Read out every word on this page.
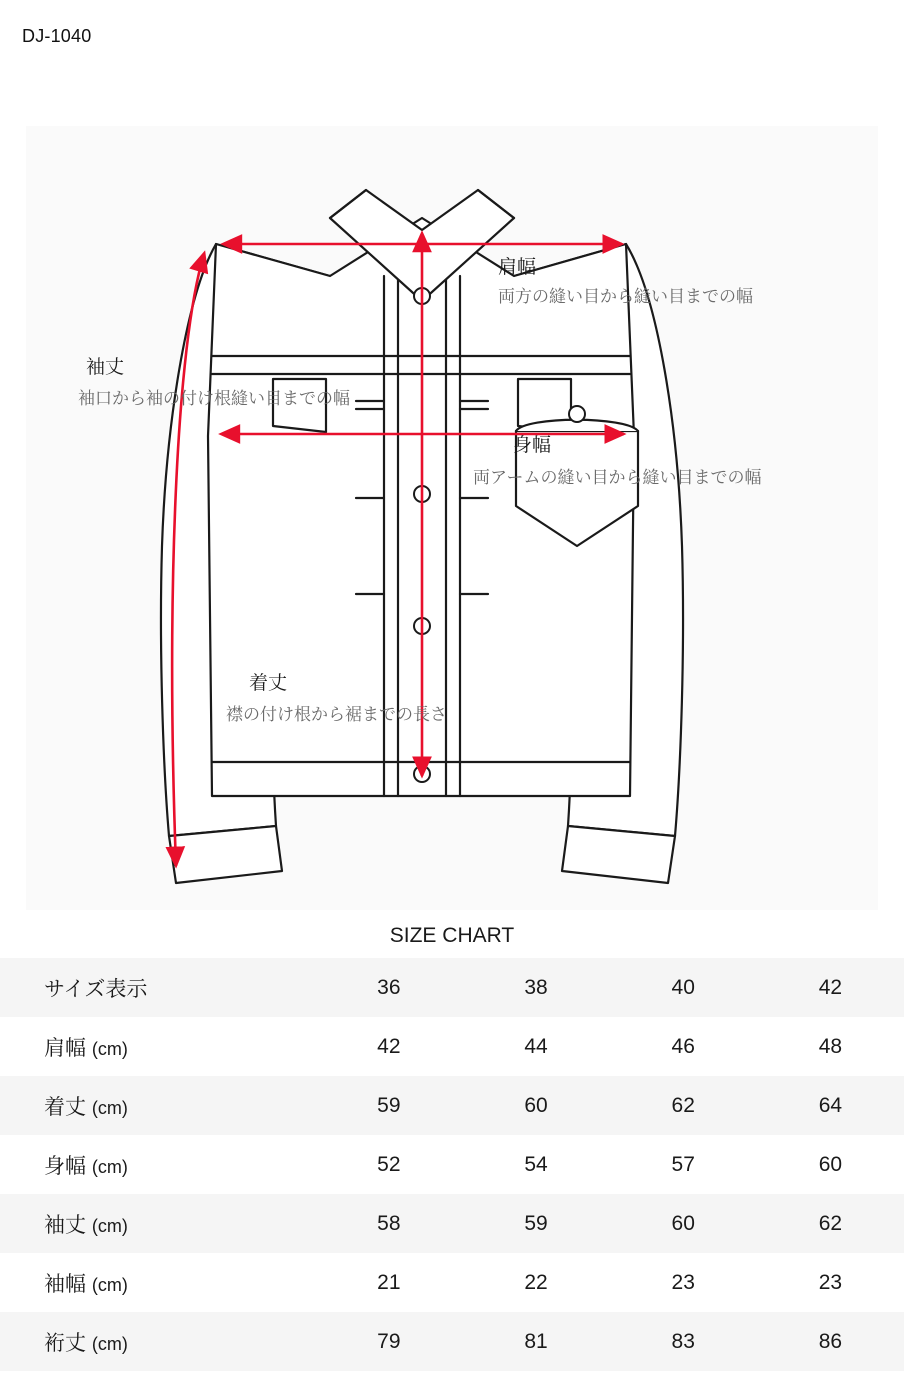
DJ-1040
肩幅
両方の縫い目から縫い目までの幅
袖丈
袖口から袖の付け根縫い目までの幅
身幅
両アームの縫い目から縫い目までの幅
着丈
襟の付け根から裾までの長さ
SIZE CHART
サイズ表示	36	38	40	42
肩幅 (cm)	42	44	46	48
着丈 (cm)	59	60	62	64
身幅 (cm)	52	54	57	60
袖丈 (cm)	58	59	60	62
袖幅 (cm)	21	22	23	23
裄丈 (cm)	79	81	83	86
